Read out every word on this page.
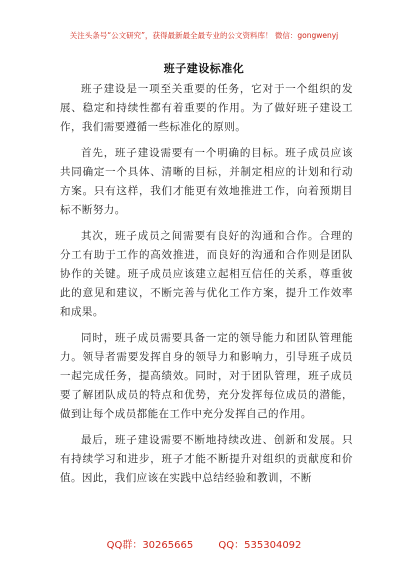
关注头条号“公文研究”，获得最新最全最专业的公文资料库！ 微信：gongwenyj
班子建设标准化

班子建设是一项至关重要的任务，它对于一个组织的发展、稳定和持续性都有着重要的作用。为了做好班子建设工作，我们需要遵循一些标准化的原则。

首先，班子建设需要有一个明确的目标。班子成员应该共同确定一个具体、清晰的目标，并制定相应的计划和行动方案。只有这样，我们才能更有效地推进工作，向着预期目标不断努力。

其次，班子成员之间需要有良好的沟通和合作。合理的分工有助于工作的高效推进，而良好的沟通和合作则是团队协作的关键。班子成员应该建立起相互信任的关系，尊重彼此的意见和建议，不断完善与优化工作方案，提升工作效率和成果。

同时，班子成员需要具备一定的领导能力和团队管理能力。领导者需要发挥自身的领导力和影响力，引导班子成员一起完成任务，提高绩效。同时，对于团队管理，班子成员要了解团队成员的特点和优势，充分发挥每位成员的潜能，做到让每个成员都能在工作中充分发挥自己的作用。

最后，班子建设需要不断地持续改进、创新和发展。只有持续学习和进步，班子才能不断提升对组织的贡献度和价值。因此，我们应该在实践中总结经验和教训，不断

QQ群：30265665	QQ：535304092
